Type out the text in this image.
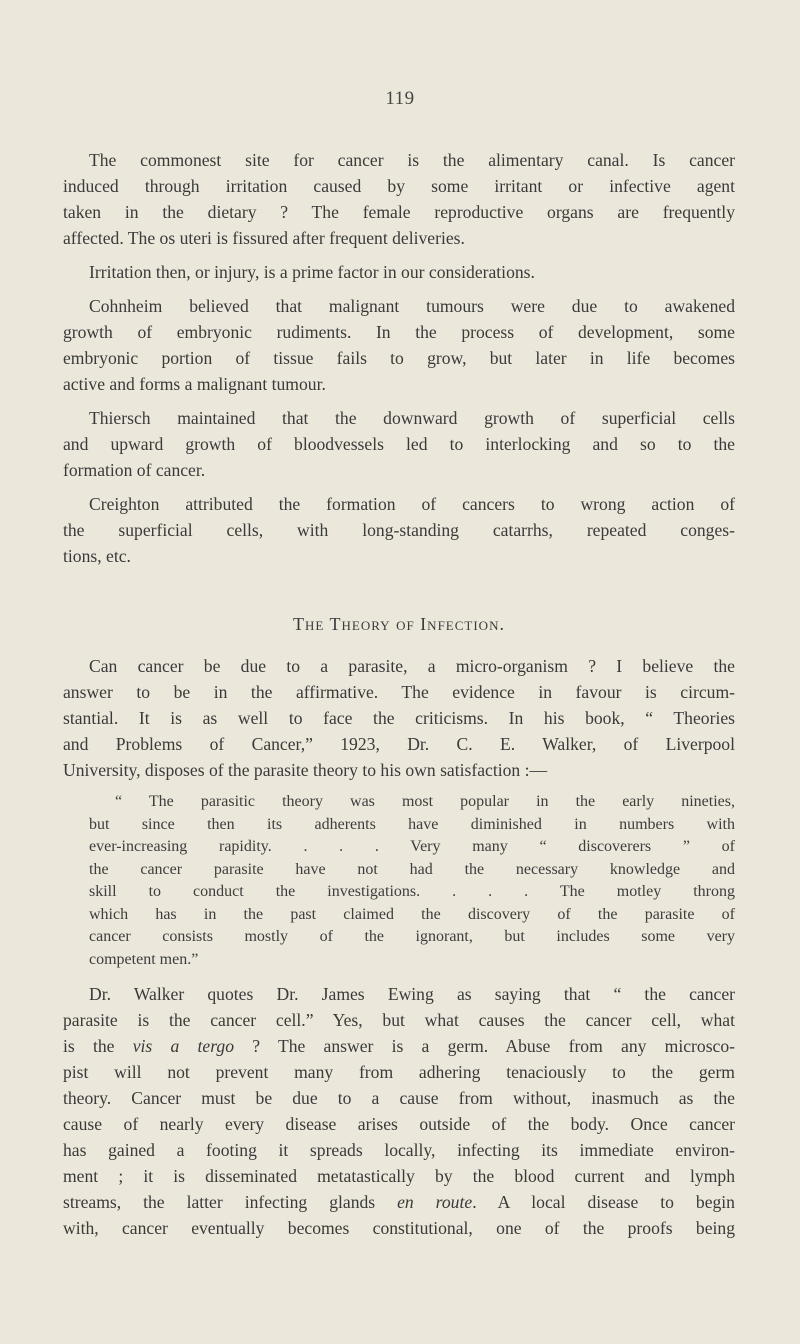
119

The commonest site for cancer is the alimentary canal. Is cancer
induced through irritation caused by some irritant or infective agent
taken in the dietary ? The female reproductive organs are frequently
affected. The os uteri is fissured after frequent deliveries.

Irritation then, or injury, is a prime factor in our considerations.

Cohnheim believed that malignant tumours were due to awakened
growth of embryonic rudiments. In the process of development, some
embryonic portion of tissue fails to grow, but later in life becomes
active and forms a malignant tumour.

Thiersch maintained that the downward growth of superficial cells
and upward growth of bloodvessels led to interlocking and so to the
formation of cancer.

Creighton attributed the formation of cancers to wrong action of
the superficial cells, with long-standing catarrhs, repeated conges-
tions, etc.

The Theory of Infection.

Can cancer be due to a parasite, a micro-organism ? I believe the
answer to be in the affirmative. The evidence in favour is circum-
stantial. It is as well to face the criticisms. In his book, “ Theories
and Problems of Cancer,” 1923, Dr. C. E. Walker, of Liverpool
University, disposes of the parasite theory to his own satisfaction :—

“ The parasitic theory was most popular in the early nineties,
but since then its adherents have diminished in numbers with
ever-increasing rapidity. . . . Very many “ discoverers ” of
the cancer parasite have not had the necessary knowledge and
skill to conduct the investigations. . . . The motley throng
which has in the past claimed the discovery of the parasite of
cancer consists mostly of the ignorant, but includes some very
competent men.”

Dr. Walker quotes Dr. James Ewing as saying that “ the cancer
parasite is the cancer cell.” Yes, but what causes the cancer cell, what
is the vis a tergo ? The answer is a germ. Abuse from any microsco-
pist will not prevent many from adhering tenaciously to the germ
theory. Cancer must be due to a cause from without, inasmuch as the
cause of nearly every disease arises outside of the body. Once cancer
has gained a footing it spreads locally, infecting its immediate environ-
ment ; it is disseminated metatastically by the blood current and lymph
streams, the latter infecting glands en route. A local disease to begin
with, cancer eventually becomes constitutional, one of the proofs being
